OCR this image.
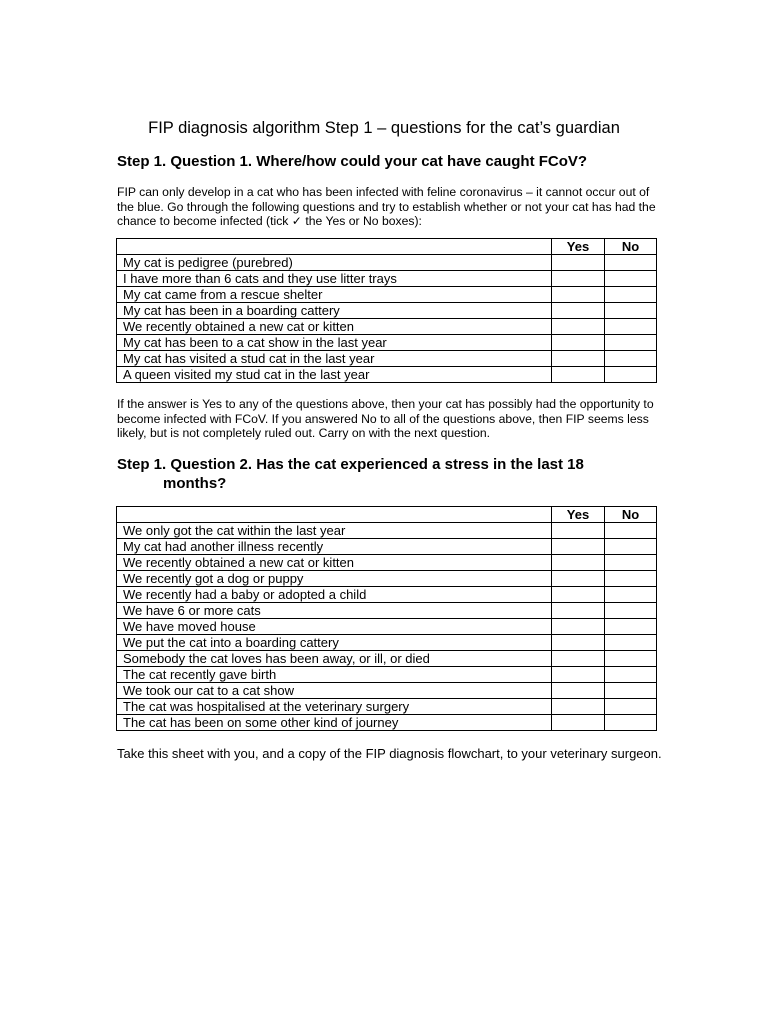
FIP diagnosis algorithm Step 1 – questions for the cat’s guardian
Step 1. Question 1. Where/how could your cat have caught FCoV?

FIP can only develop in a cat who has been infected with feline coronavirus – it cannot occur out of the blue. Go through the following questions and try to establish whether or not your cat has had the chance to become infected (tick ✓ the Yes or No boxes):

	Yes	No
My cat is pedigree (purebred)		
I have more than 6 cats and they use litter trays		
My cat came from a rescue shelter		
My cat has been in a boarding cattery		
We recently obtained a new cat or kitten		
My cat has been to a cat show in the last year		
My cat has visited a stud cat in the last year		
A queen visited my stud cat in the last year		

If the answer is Yes to any of the questions above, then your cat has possibly had the opportunity to become infected with FCoV. If you answered No to all of the questions above, then FIP seems less likely, but is not completely ruled out. Carry on with the next question.

Step 1. Question 2. Has the cat experienced a stress in the last 18
months?
	Yes	No
We only got the cat within the last year		
My cat had another illness recently		
We recently obtained a new cat or kitten		
We recently got a dog or puppy		
We recently had a baby or adopted a child		
We have 6 or more cats		
We have moved house		
We put the cat into a boarding cattery		
Somebody the cat loves has been away, or ill, or died		
The cat recently gave birth		
We took our cat to a cat show		
The cat was hospitalised at the veterinary surgery		
The cat has been on some other kind of journey		

Take this sheet with you, and a copy of the FIP diagnosis flowchart, to your veterinary surgeon.
